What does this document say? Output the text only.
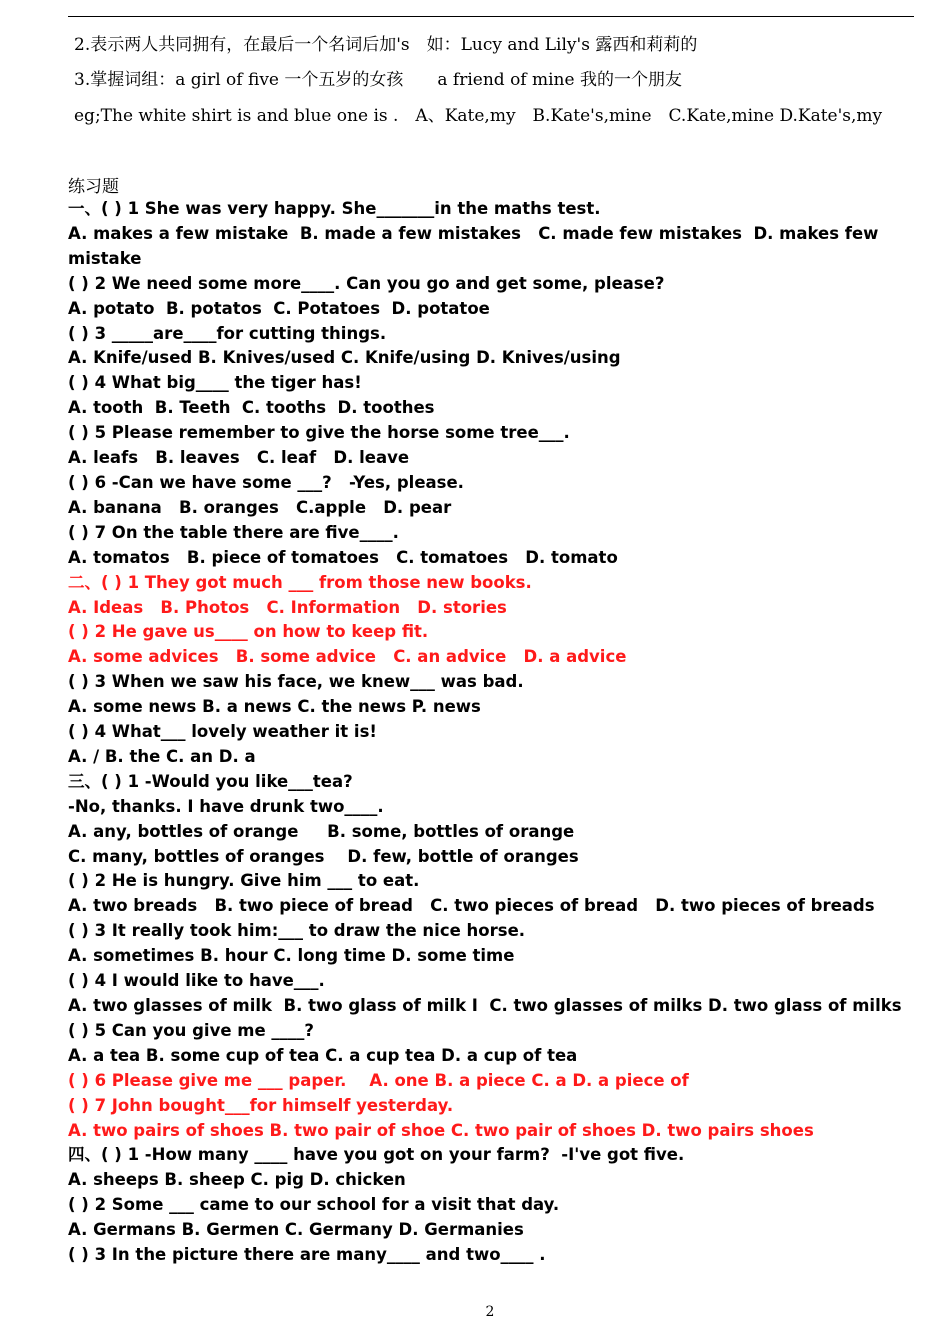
2.表示两人共同拥有，在最后一个名词后加's　如：Lucy and Lily's 露西和莉莉的
3.掌握词组：a girl of five 一个五岁的女孩　　a friend of mine 我的一个朋友
eg;The white shirt is and blue one is .　A、Kate,my　B.Kate's,mine　C.Kate,mine D.Kate's,my
练习题
一、( ) 1 She was very happy. She_______in the maths test.
A. makes a few mistake  B. made a few mistakes   C. made few mistakes  D. makes few mistake
( ) 2 We need some more____. Can you go and get some, please?
A. potato  B. potatos  C. Potatoes  D. potatoe
( ) 3 _____are____for cutting things.
A. Knife/used B. Knives/used C. Knife/using D. Knives/using
( ) 4 What big____ the tiger has!
A. tooth  B. Teeth  C. tooths  D. toothes
( ) 5 Please remember to give the horse some tree___.
A. leafs   B. leaves   C. leaf   D. leave
( ) 6 -Can we have some ___?   -Yes, please.
A. banana   B. oranges   C.apple   D. pear
( ) 7 On the table there are five____.
A. tomatos   B. piece of tomatoes   C. tomatoes   D. tomato
二、( ) 1 They got much ___ from those new books.
A. Ideas   B. Photos   C. Information   D. stories
( ) 2 He gave us____ on how to keep fit.
A. some advices   B. some advice   C. an advice   D. a advice
( ) 3 When we saw his face, we knew___ was bad.
A. some news B. a news C. the news P. news
( ) 4 What___ lovely weather it is!
A. / B. the C. an D. a
三、( ) 1 -Would you like___tea?
-No, thanks. I have drunk two____.
A. any, bottles of orange     B. some, bottles of orange
C. many, bottles of oranges    D. few, bottle of oranges
( ) 2 He is hungry. Give him ___ to eat.
A. two breads   B. two piece of bread   C. two pieces of bread   D. two pieces of breads
( ) 3 It really took him:___ to draw the nice horse.
A. sometimes B. hour C. long time D. some time
( ) 4 I would like to have___.
A. two glasses of milk  B. two glass of milk I  C. two glasses of milks D. two glass of milks
( ) 5 Can you give me ____?
A. a tea B. some cup of tea C. a cup tea D. a cup of tea
( ) 6 Please give me ___ paper.    A. one B. a piece C. a D. a piece of
( ) 7 John bought___for himself yesterday.
A. two pairs of shoes B. two pair of shoe C. two pair of shoes D. two pairs shoes
四、( ) 1 -How many ____ have you got on your farm?  -I've got five.
A. sheeps B. sheep C. pig D. chicken
( ) 2 Some ___ came to our school for a visit that day.
A. Germans B. Germen C. Germany D. Germanies
( ) 3 In the picture there are many____ and two____ .
2
